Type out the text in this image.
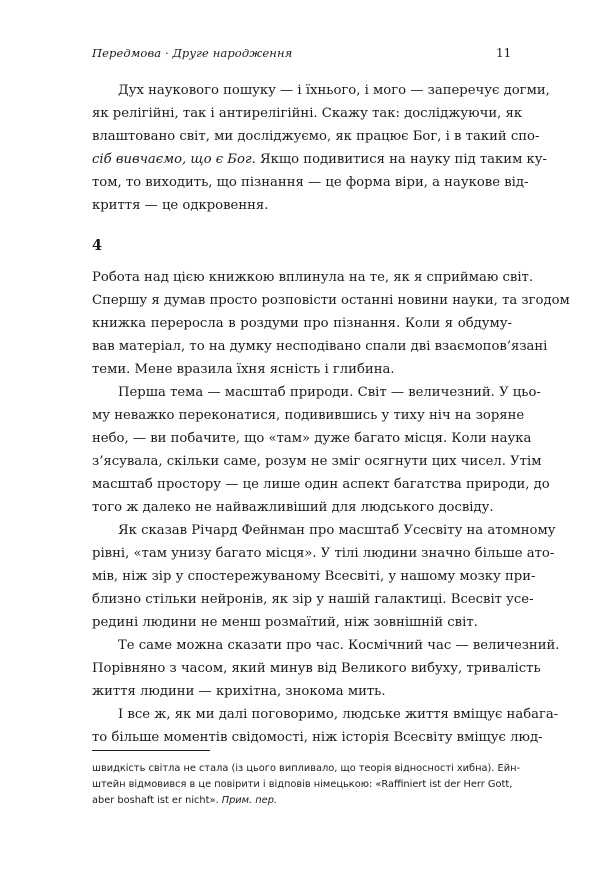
Передмова · Друге народження	11
Дух наукового пошуку — і їхнього, і мого — заперечує догми,
як релігійні, так і антирелігійні. Скажу так: досліджуючи, як
влаштовано світ, ми досліджуємо, як працює Бог, і в такий спо-
сіб вивчаємо, що є Бог. Якщо подивитися на науку під таким ку-
том, то виходить, що пізнання — це форма віри, а наукове від-
криття — це одкровення.
4
Робота над цією книжкою вплинула на те, як я сприймаю світ.
Спершу я думав просто розповісти останні новини науки, та згодом
книжка переросла в роздуми про пізнання. Коли я обдуму-
вав матеріал, то на думку несподівано спали дві взаємопов’язані
теми. Мене вразила їхня ясність і глибина.
Перша тема — масштаб природи. Світ — величезний. У цьо-
му неважко переконатися, подивившись у тиху ніч на зоряне
небо, — ви побачите, що «там» дуже багато місця. Коли наука
з’ясувала, скільки саме, розум не зміг осягнути цих чисел. Утім
масштаб простору — це лише один аспект багатства природи, до
того ж далеко не найважливіший для людського досвіду.
Як сказав Річард Фейнман про масштаб Усесвіту на атомному
рівні, «там унизу багато місця». У тілі людини значно більше ато-
мів, ніж зір у спостережуваному Всесвіті, у нашому мозку при-
близно стільки нейронів, як зір у нашій галактиці. Всесвіт усе-
редині людини не менш розмаїтий, ніж зовнішній світ.
Те саме можна сказати про час. Космічний час — величезний.
Порівняно з часом, який минув від Великого вибуху, тривалість
життя людини — крихітна, знокома мить.
І все ж, як ми далі поговоримо, людське життя вміщує набага-
то більше моментів свідомості, ніж історія Всесвіту вміщує люд-
швидкість світла не стала (із цього випливало, що теорія відносності хибна). Ейн-
штейн відмовився в це повірити і відповів німецькою: «Raffiniert ist der Herr Gott,
aber boshaft ist er nicht». Прим. пер.
